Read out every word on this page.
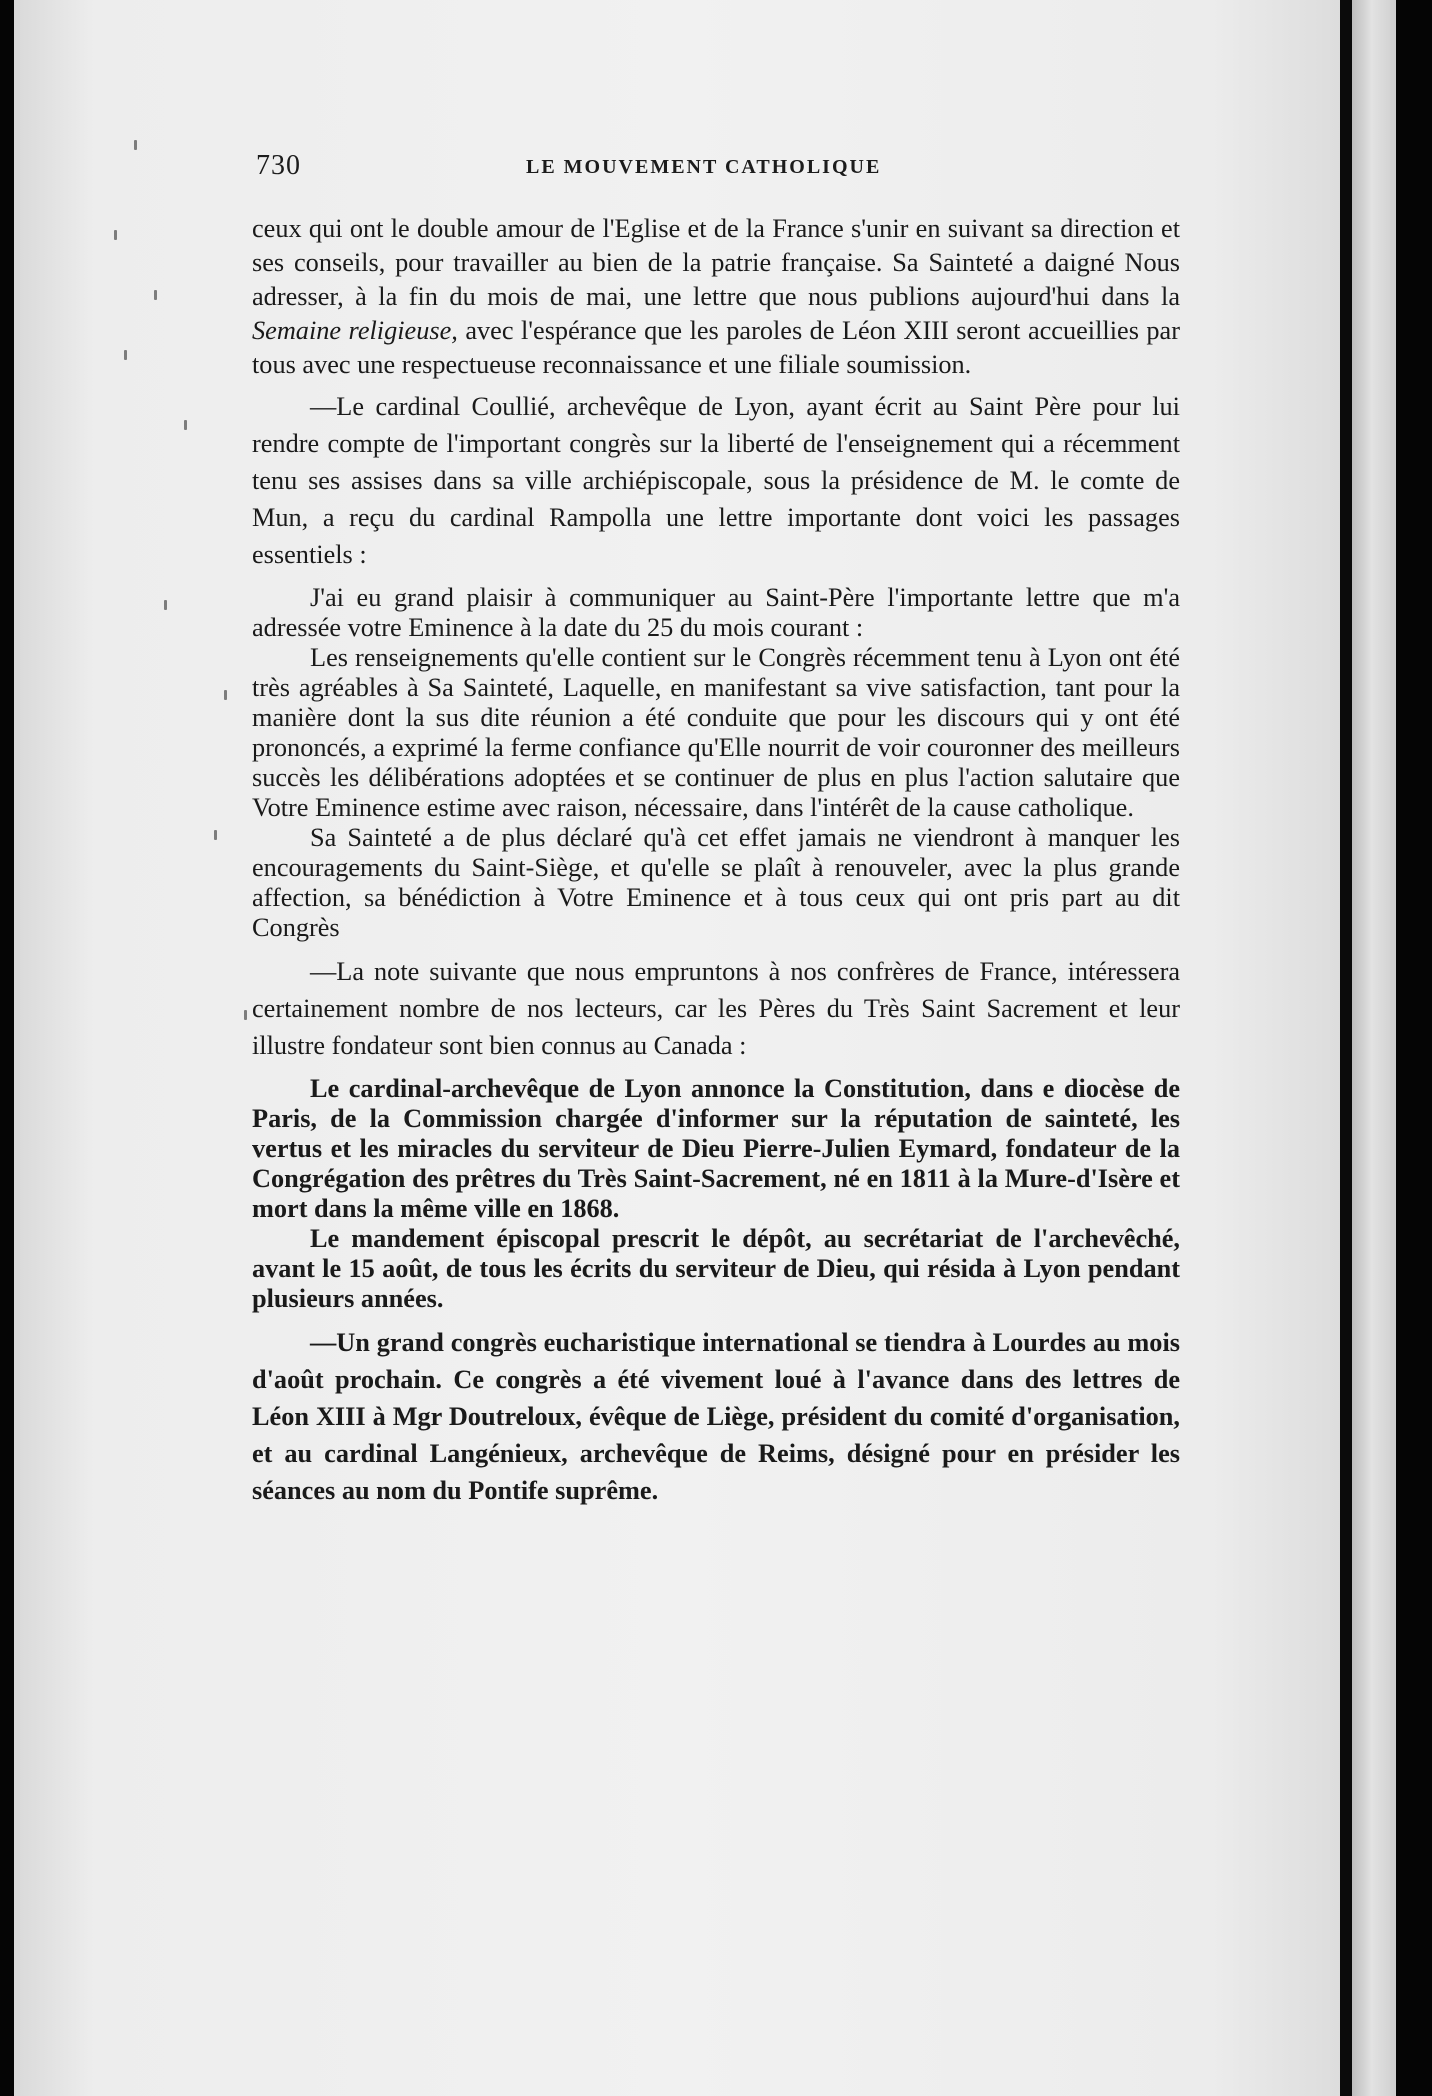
730	LE MOUVEMENT CATHOLIQUE

ceux qui ont le double amour de l'Eglise et de la France s'unir en suivant sa direction et ses conseils, pour travailler au bien de la patrie française. Sa Sainteté a daigné Nous adresser, à la fin du mois de mai, une lettre que nous publions aujourd'hui dans la Semaine religieuse, avec l'espérance que les paroles de Léon XIII seront accueillies par tous avec une respectueuse reconnaissance et une filiale soumission.

—Le cardinal Coullié, archevêque de Lyon, ayant écrit au Saint Père pour lui rendre compte de l'important congrès sur la liberté de l'enseignement qui a récemment tenu ses assises dans sa ville archiépiscopale, sous la présidence de M. le comte de Mun, a reçu du cardinal Rampolla une lettre importante dont voici les passages essentiels :

J'ai eu grand plaisir à communiquer au Saint-Père l'importante lettre que m'a adressée votre Eminence à la date du 25 du mois courant :

Les renseignements qu'elle contient sur le Congrès récemment tenu à Lyon ont été très agréables à Sa Sainteté, Laquelle, en manifestant sa vive satisfaction, tant pour la manière dont la sus dite réunion a été conduite que pour les discours qui y ont été prononcés, a exprimé la ferme confiance qu'Elle nourrit de voir couronner des meilleurs succès les délibérations adoptées et se continuer de plus en plus l'action salutaire que Votre Eminence estime avec raison, nécessaire, dans l'intérêt de la cause catholique.

Sa Sainteté a de plus déclaré qu'à cet effet jamais ne viendront à manquer les encouragements du Saint-Siège, et qu'elle se plaît à renouveler, avec la plus grande affection, sa bénédiction à Votre Eminence et à tous ceux qui ont pris part au dit Congrès

—La note suivante que nous empruntons à nos confrères de France, intéressera certainement nombre de nos lecteurs, car les Pères du Très Saint Sacrement et leur illustre fondateur sont bien connus au Canada :

Le cardinal-archevêque de Lyon annonce la Constitution, dans e diocèse de Paris, de la Commission chargée d'informer sur la réputation de sainteté, les vertus et les miracles du serviteur de Dieu Pierre-Julien Eymard, fondateur de la Congrégation des prêtres du Très Saint-Sacrement, né en 1811 à la Mure-d'Isère et mort dans la même ville en 1868.

Le mandement épiscopal prescrit le dépôt, au secrétariat de l'archevêché, avant le 15 août, de tous les écrits du serviteur de Dieu, qui résida à Lyon pendant plusieurs années.

—Un grand congrès eucharistique international se tiendra à Lourdes au mois d'août prochain. Ce congrès a été vivement loué à l'avance dans des lettres de Léon XIII à Mgr Doutreloux, évêque de Liège, président du comité d'organisation, et au cardinal Langénieux, archevêque de Reims, désigné pour en présider les séances au nom du Pontife suprême.
